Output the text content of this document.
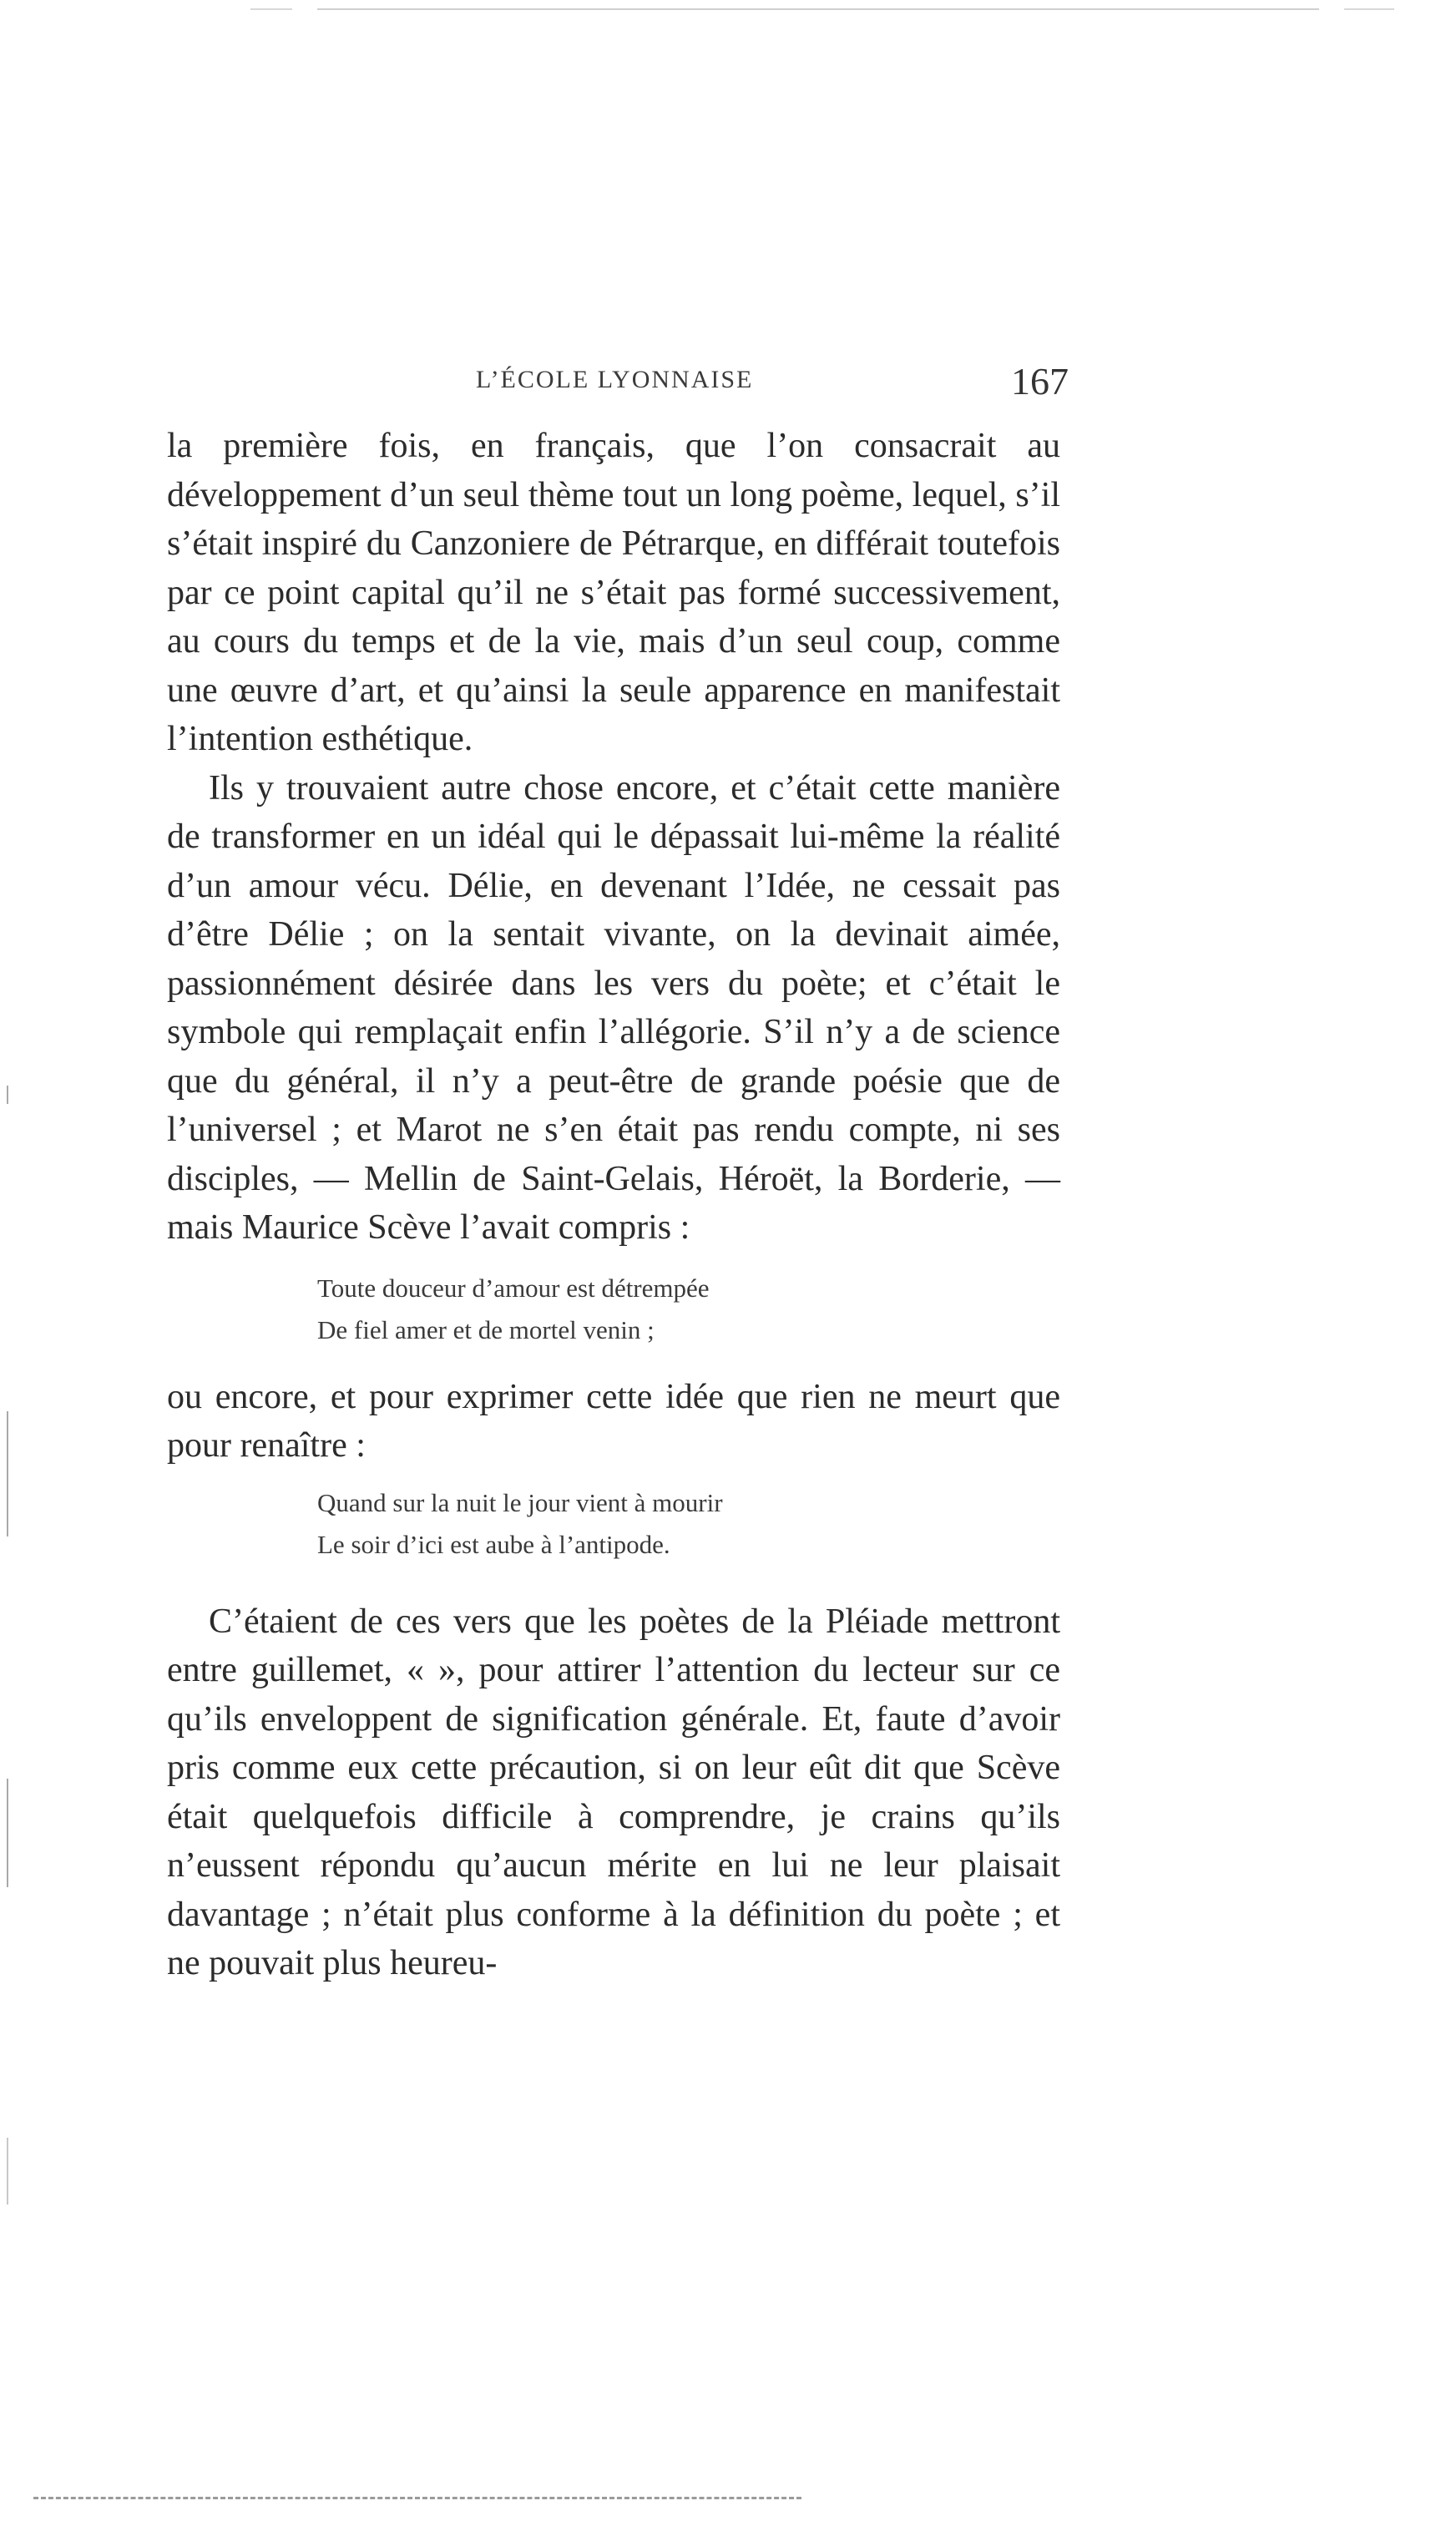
L’ÉCOLE LYONNAISE	167

la première fois, en français, que l’on consacrait au développement d’un seul thème tout un long poème, lequel, s’il s’était inspiré du Canzoniere de Pétrarque, en différait toutefois par ce point capital qu’il ne s’était pas formé successivement, au cours du temps et de la vie, mais d’un seul coup, comme une œuvre d’art, et qu’ainsi la seule apparence en manifestait l’intention esthétique.

Ils y trouvaient autre chose encore, et c’était cette manière de transformer en un idéal qui le dépassait lui-même la réalité d’un amour vécu. Délie, en devenant l’Idée, ne cessait pas d’être Délie ; on la sentait vivante, on la devinait aimée, passionnément désirée dans les vers du poète; et c’était le symbole qui remplaçait enfin l’allégorie. S’il n’y a de science que du général, il n’y a peut-être de grande poésie que de l’universel ; et Marot ne s’en était pas rendu compte, ni ses disciples, — Mellin de Saint-Gelais, Héroët, la Borderie, — mais Maurice Scève l’avait compris :

Toute douceur d’amour est détrempée
De fiel amer et de mortel venin ;

ou encore, et pour exprimer cette idée que rien ne meurt que pour renaître :

Quand sur la nuit le jour vient à mourir
Le soir d’ici est aube à l’antipode.

C’étaient de ces vers que les poètes de la Pléiade mettront entre guillemet, « », pour attirer l’attention du lecteur sur ce qu’ils enveloppent de signification générale. Et, faute d’avoir pris comme eux cette précaution, si on leur eût dit que Scève était quelquefois difficile à comprendre, je crains qu’ils n’eussent répondu qu’aucun mérite en lui ne leur plaisait davantage ; n’était plus conforme à la définition du poète ; et ne pouvait plus heureu-
